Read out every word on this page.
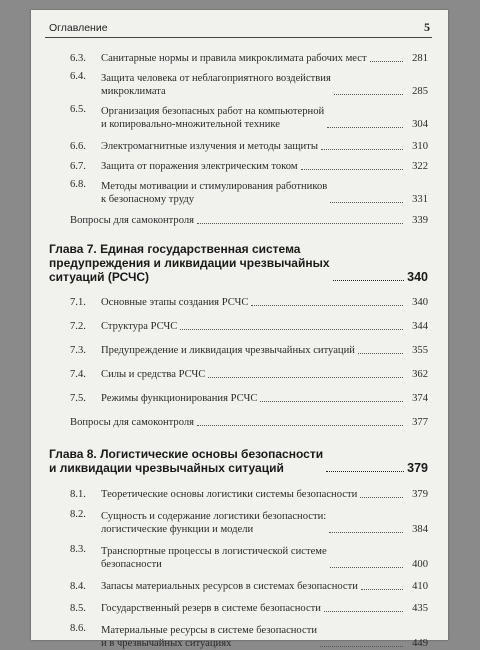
Оглавление	5
6.3.	Санитарные нормы и правила микроклимата рабочих мест	281
6.4.	Защита человека от неблагоприятного воздействия
микроклимата	285
6.5.	Организация безопасных работ на компьютерной
и копировально-множительной технике	304
6.6.	Электромагнитные излучения и методы защиты	310
6.7.	Защита от поражения электрическим током	322
6.8.	Методы мотивации и стимулирования работников
к безопасному труду	331
Вопросы для самоконтроля	339
Глава 7. Единая государственная система
предупреждения и ликвидации чрезвычайных
ситуаций (РСЧС)	340
7.1.	Основные этапы создания РСЧС	340
7.2.	Структура РСЧС	344
7.3.	Предупреждение и ликвидация чрезвычайных ситуаций	355
7.4.	Силы и средства РСЧС	362
7.5.	Режимы функционирования РСЧС	374
Вопросы для самоконтроля	377
Глава 8. Логистические основы безопасности
и ликвидации чрезвычайных ситуаций	379
8.1.	Теоретические основы логистики системы безопасности	379
8.2.	Сущность и содержание логистики безопасности:
логистические функции и модели	384
8.3.	Транспортные процессы в логистической системе
безопасности	400
8.4.	Запасы материальных ресурсов в системах безопасности	410
8.5.	Государственный резерв в системе безопасности	435
8.6.	Материальные ресурсы в системе безопасности
и в чрезвычайных ситуациях	449
